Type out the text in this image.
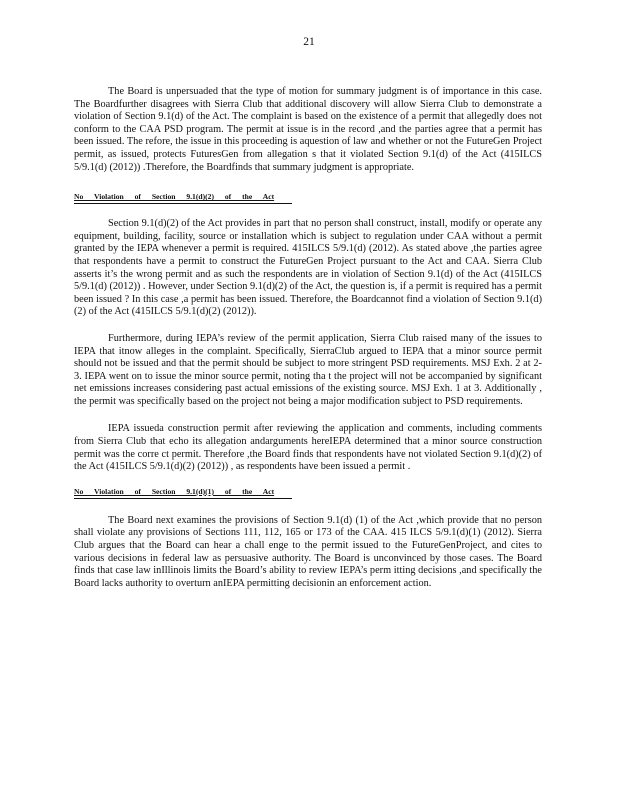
21

The Board is unpersuaded that the type of motion for summary judgment is of importance in this case. The Boardfurther disagrees with Sierra Club that additional discovery will allow Sierra Club to demonstrate a violation of Section 9.1(d) of the Act. The complaint is based on the existence of a permit that allegedly does not conform to the CAA PSD program. The permit at issue is in the record ,and the parties agree that a permit has been issued. The refore, the issue in this proceeding is aquestion of law and whether or not the FutureGen Project permit, as issued, protects FuturesGen from allegation s that it violated Section 9.1(d) of the Act (415ILCS 5/9.1(d) (2012)) .Therefore, the Boardfinds that summary judgment is appropriate.

No Violation of Section 9.1(d)(2) of the Act

Section 9.1(d)(2) of the Act provides in part that no person shall construct, install, modify or operate any equipment, building, facility, source or installation which is subject to regulation under CAA without a permit granted by the IEPA whenever a permit is required. 415ILCS 5/9.1(d) (2012). As stated above ,the parties agree that respondents have a permit to construct the FutureGen Project pursuant to the Act and CAA. Sierra Club asserts it’s the wrong permit and as such the respondents are in violation of Section 9.1(d) of the Act (415ILCS 5/9.1(d) (2012)) . However, under Section 9.1(d)(2) of the Act, the question is, if a permit is required has a permit been issued ? In this case ,a permit has been issued. Therefore, the Boardcannot find a violation of Section 9.1(d)(2) of the Act (415ILCS 5/9.1(d)(2) (2012)).

Furthermore, during IEPA’s review of the permit application, Sierra Club raised many of the issues to IEPA that itnow alleges in the complaint. Specifically, SierraClub argued to IEPA that a minor source permit should not be issued and that the permit should be subject to more stringent PSD requirements. MSJ Exh. 2 at 2-3. IEPA went on to issue the minor source permit, noting tha t the project will not be accompanied by significant net emissions increases considering past actual emissions of the existing source. MSJ Exh. 1 at 3. Additionally , the permit was specifically based on the project not being a major modification subject to PSD requirements.

IEPA issueda construction permit after reviewing the application and comments, including comments from Sierra Club that echo its allegation andarguments hereIEPA determined that a minor source construction permit was the corre ct permit. Therefore ,the Board finds that respondents have not violated Section 9.1(d)(2) of the Act (415ILCS 5/9.1(d)(2) (2012)) , as respondents have been issued a permit .

No Violation of Section 9.1(d)(1) of the Act

The Board next examines the provisions of Section 9.1(d) (1) of the Act ,which provide that no person shall violate any provisions of Sections 111, 112, 165 or 173 of the CAA. 415 ILCS 5/9.1(d)(1) (2012). Sierra Club argues that the Board can hear a chall enge to the permit issued to the FutureGenProject, and cites to various decisions in federal law as persuasive authority. The Board is unconvinced by those cases. The Board finds that case law inIllinois limits the Board’s ability to review IEPA’s perm itting decisions ,and specifically the Board lacks authority to overturn anIEPA permitting decisionin an enforcement action.
